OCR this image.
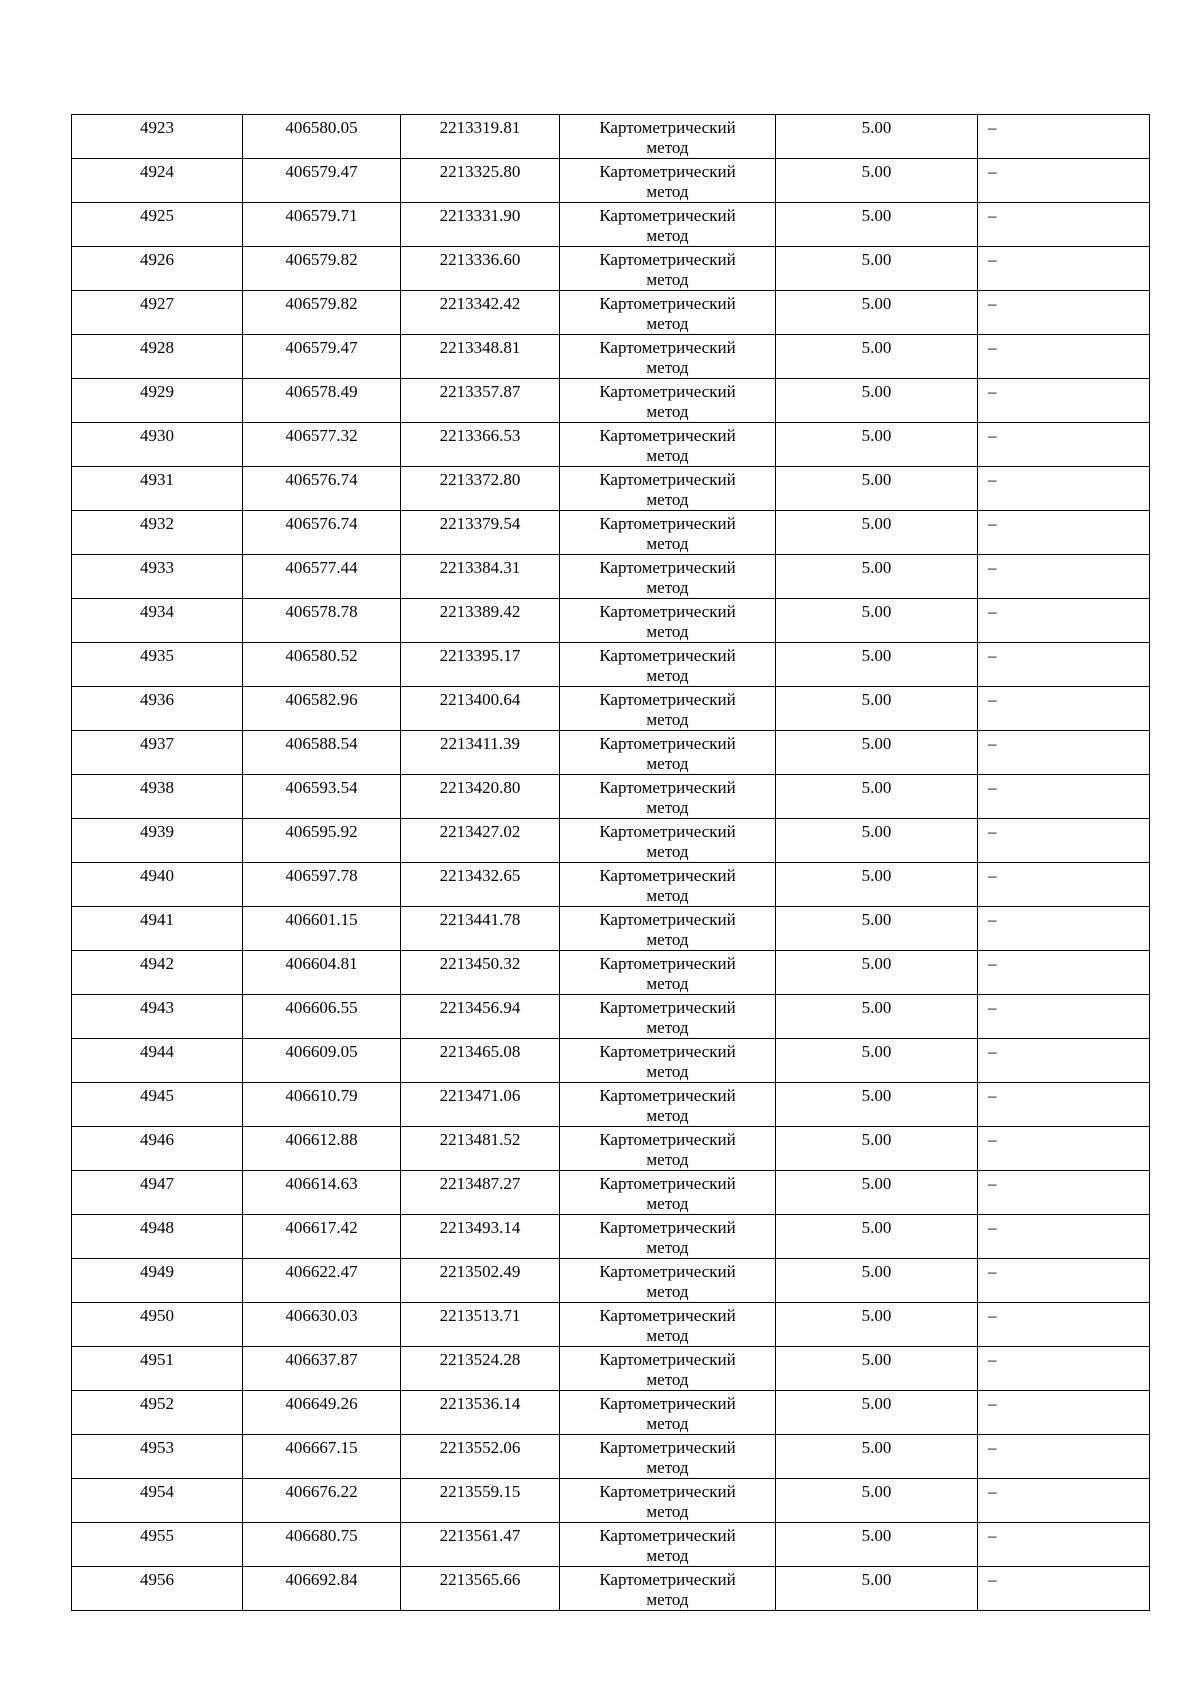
4923	406580.05	2213319.81	Картометрический
метод	5.00	–
4924	406579.47	2213325.80	Картометрический
метод	5.00	–
4925	406579.71	2213331.90	Картометрический
метод	5.00	–
4926	406579.82	2213336.60	Картометрический
метод	5.00	–
4927	406579.82	2213342.42	Картометрический
метод	5.00	–
4928	406579.47	2213348.81	Картометрический
метод	5.00	–
4929	406578.49	2213357.87	Картометрический
метод	5.00	–
4930	406577.32	2213366.53	Картометрический
метод	5.00	–
4931	406576.74	2213372.80	Картометрический
метод	5.00	–
4932	406576.74	2213379.54	Картометрический
метод	5.00	–
4933	406577.44	2213384.31	Картометрический
метод	5.00	–
4934	406578.78	2213389.42	Картометрический
метод	5.00	–
4935	406580.52	2213395.17	Картометрический
метод	5.00	–
4936	406582.96	2213400.64	Картометрический
метод	5.00	–
4937	406588.54	2213411.39	Картометрический
метод	5.00	–
4938	406593.54	2213420.80	Картометрический
метод	5.00	–
4939	406595.92	2213427.02	Картометрический
метод	5.00	–
4940	406597.78	2213432.65	Картометрический
метод	5.00	–
4941	406601.15	2213441.78	Картометрический
метод	5.00	–
4942	406604.81	2213450.32	Картометрический
метод	5.00	–
4943	406606.55	2213456.94	Картометрический
метод	5.00	–
4944	406609.05	2213465.08	Картометрический
метод	5.00	–
4945	406610.79	2213471.06	Картометрический
метод	5.00	–
4946	406612.88	2213481.52	Картометрический
метод	5.00	–
4947	406614.63	2213487.27	Картометрический
метод	5.00	–
4948	406617.42	2213493.14	Картометрический
метод	5.00	–
4949	406622.47	2213502.49	Картометрический
метод	5.00	–
4950	406630.03	2213513.71	Картометрический
метод	5.00	–
4951	406637.87	2213524.28	Картометрический
метод	5.00	–
4952	406649.26	2213536.14	Картометрический
метод	5.00	–
4953	406667.15	2213552.06	Картометрический
метод	5.00	–
4954	406676.22	2213559.15	Картометрический
метод	5.00	–
4955	406680.75	2213561.47	Картометрический
метод	5.00	–
4956	406692.84	2213565.66	Картометрический
метод	5.00	–
